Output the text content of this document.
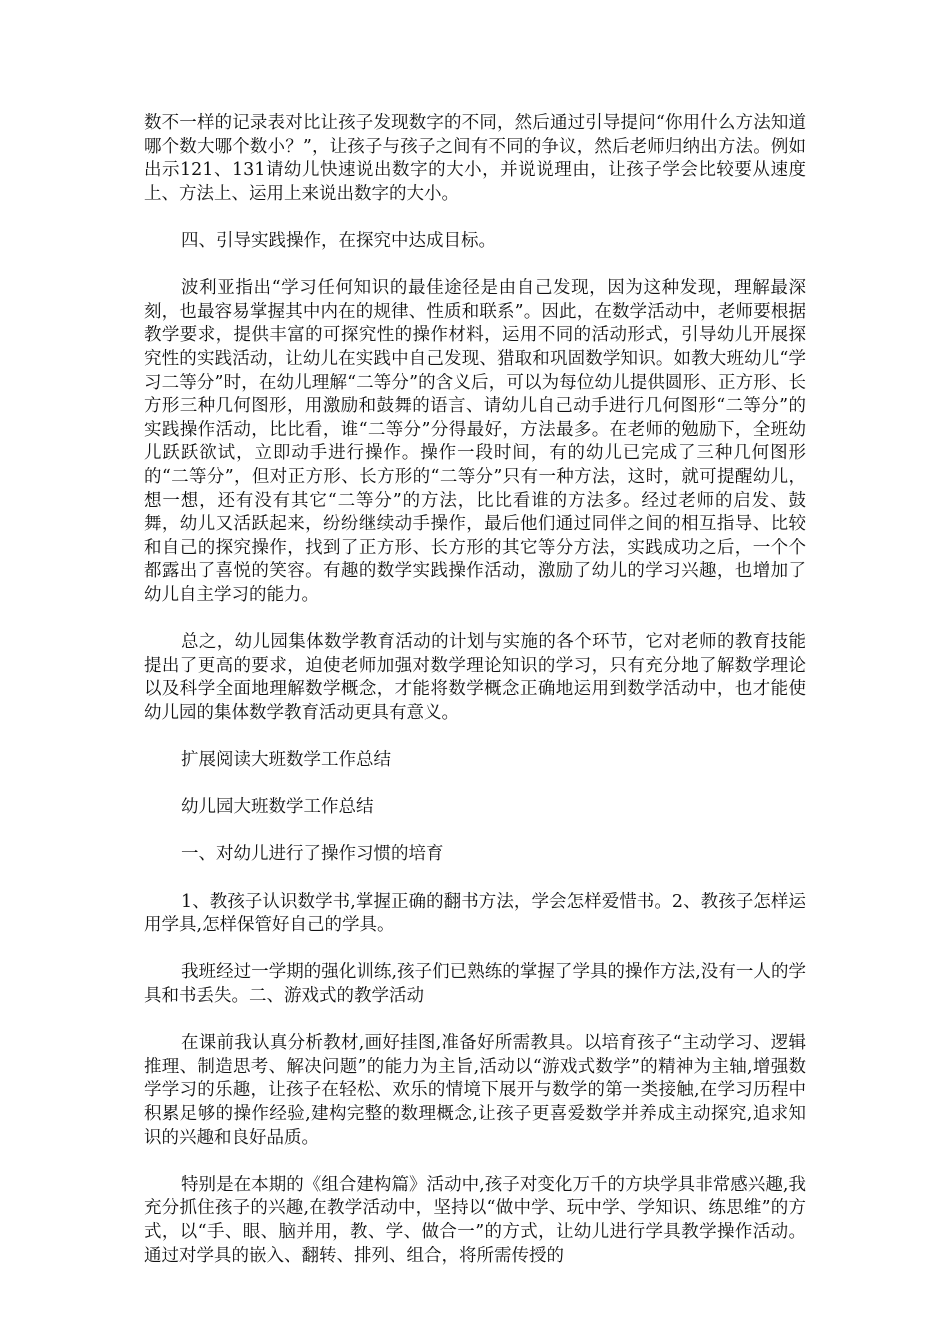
数不一样的记录表对比让孩子发现数字的不同，然后通过引导提问“你用什么方法知道哪个数大哪个数小？”，让孩子与孩子之间有不同的争议，然后老师归纳出方法。例如出示121、131请幼儿快速说出数字的大小，并说说理由，让孩子学会比较要从速度上、方法上、运用上来说出数字的大小。

四、引导实践操作，在探究中达成目标。

波利亚指出“学习任何知识的最佳途径是由自己发现，因为这种发现，理解最深刻，也最容易掌握其中内在的规律、性质和联系”。因此，在数学活动中，老师要根据教学要求，提供丰富的可探究性的操作材料，运用不同的活动形式，引导幼儿开展探究性的实践活动，让幼儿在实践中自己发现、猎取和巩固数学知识。如教大班幼儿“学习二等分”时，在幼儿理解“二等分”的含义后，可以为每位幼儿提供圆形、正方形、长方形三种几何图形，用激励和鼓舞的语言、请幼儿自己动手进行几何图形“二等分”的实践操作活动，比比看，谁“二等分”分得最好，方法最多。在老师的勉励下，全班幼儿跃跃欲试，立即动手进行操作。操作一段时间，有的幼儿已完成了三种几何图形的“二等分”，但对正方形、长方形的“二等分”只有一种方法，这时，就可提醒幼儿，想一想，还有没有其它“二等分”的方法，比比看谁的方法多。经过老师的启发、鼓舞，幼儿又活跃起来，纷纷继续动手操作，最后他们通过同伴之间的相互指导、比较和自己的探究操作，找到了正方形、长方形的其它等分方法，实践成功之后，一个个都露出了喜悦的笑容。有趣的数学实践操作活动，激励了幼儿的学习兴趣，也增加了幼儿自主学习的能力。

总之，幼儿园集体数学教育活动的计划与实施的各个环节，它对老师的教育技能提出了更高的要求，迫使老师加强对数学理论知识的学习，只有充分地了解数学理论以及科学全面地理解数学概念，才能将数学概念正确地运用到数学活动中，也才能使幼儿园的集体数学教育活动更具有意义。

扩展阅读大班数学工作总结

幼儿园大班数学工作总结

一、对幼儿进行了操作习惯的培育

1、教孩子认识数学书,掌握正确的翻书方法，学会怎样爱惜书。2、教孩子怎样运用学具,怎样保管好自己的学具。

我班经过一学期的强化训练,孩子们已熟练的掌握了学具的操作方法,没有一人的学具和书丢失。二、游戏式的教学活动

在课前我认真分析教材,画好挂图,准备好所需教具。以培育孩子“主动学习、逻辑推理、制造思考、解决问题”的能力为主旨,活动以“游戏式数学”的精神为主轴,增强数学学习的乐趣，让孩子在轻松、欢乐的情境下展开与数学的第一类接触,在学习历程中积累足够的操作经验,建构完整的数理概念,让孩子更喜爱数学并养成主动探究,追求知识的兴趣和良好品质。

特别是在本期的《组合建构篇》活动中,孩子对变化万千的方块学具非常感兴趣,我充分抓住孩子的兴趣,在教学活动中，坚持以“做中学、玩中学、学知识、练思维”的方式，以“手、眼、脑并用，教、学、做合一”的方式，让幼儿进行学具教学操作活动。通过对学具的嵌入、翻转、排列、组合，将所需传授的
